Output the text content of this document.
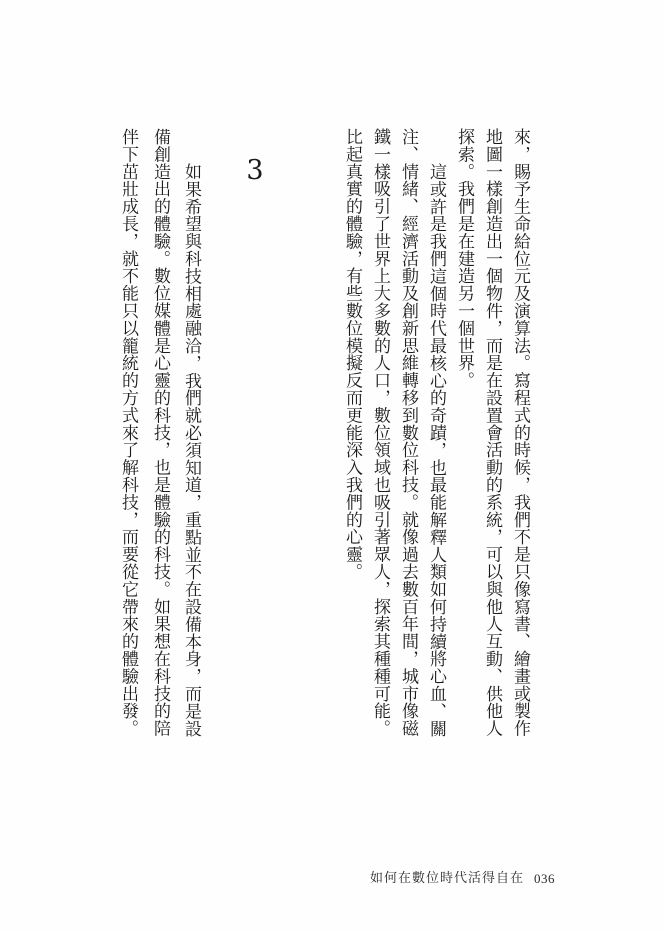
來，賜予生命給位元及演算法。寫程式的時候，我們不是只像寫書、繪畫或製作
地圖一樣創造出一個物件，而是在設置會活動的系統，可以與他人互動、供他人
探索。我們是在建造另一個世界。
這或許是我們這個時代最核心的奇蹟，也最能解釋人類如何持續將心血、關
注、情緒、經濟活動及創新思維轉移到數位科技。就像過去數百年間，城市像磁
鐵一樣吸引了世界上大多數的人口，數位領域也吸引著眾人，探索其種種可能。
比起真實的體驗，有些數位模擬反而更能深入我們的心靈。
3
如果希望與科技相處融洽，我們就必須知道，重點並不在設備本身，而是設
備創造出的體驗。數位媒體是心靈的科技，也是體驗的科技。如果想在科技的陪
伴下茁壯成長，就不能只以籠統的方式來了解科技，而要從它帶來的體驗出發。
如何在數位時代活得自在 036
